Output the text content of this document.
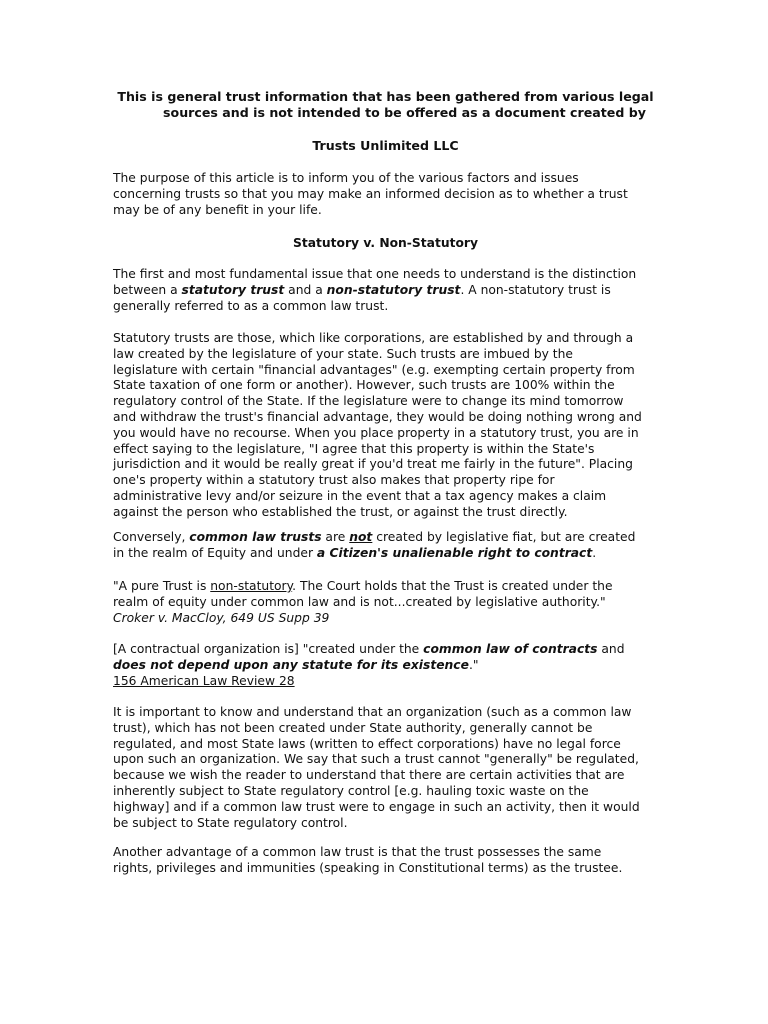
This is general trust information that has been gathered from various legal
sources and is not intended to be offered as a document created by
Trusts Unlimited LLC

The purpose of this article is to inform you of the various factors and issues
concerning trusts so that you may make an informed decision as to whether a trust
may be of any benefit in your life.

Statutory v. Non-Statutory

The first and most fundamental issue that one needs to understand is the distinction
between a statutory trust and a non-statutory trust. A non-statutory trust is
generally referred to as a common law trust.

Statutory trusts are those, which like corporations, are established by and through a
law created by the legislature of your state. Such trusts are imbued by the
legislature with certain "financial advantages" (e.g. exempting certain property from
State taxation of one form or another). However, such trusts are 100% within the
regulatory control of the State. If the legislature were to change its mind tomorrow
and withdraw the trust's financial advantage, they would be doing nothing wrong and
you would have no recourse. When you place property in a statutory trust, you are in
effect saying to the legislature, "I agree that this property is within the State's
jurisdiction and it would be really great if you'd treat me fairly in the future". Placing
one's property within a statutory trust also makes that property ripe for
administrative levy and/or seizure in the event that a tax agency makes a claim
against the person who established the trust, or against the trust directly.

Conversely, common law trusts are not created by legislative fiat, but are created
in the realm of Equity and under a Citizen's unalienable right to contract.

"A pure Trust is non-statutory. The Court holds that the Trust is created under the
realm of equity under common law and is not...created by legislative authority."
Croker v. MacCloy, 649 US Supp 39

[A contractual organization is] "created under the common law of contracts and
does not depend upon any statute for its existence."
156 American Law Review 28

It is important to know and understand that an organization (such as a common law
trust), which has not been created under State authority, generally cannot be
regulated, and most State laws (written to effect corporations) have no legal force
upon such an organization. We say that such a trust cannot "generally" be regulated,
because we wish the reader to understand that there are certain activities that are
inherently subject to State regulatory control [e.g. hauling toxic waste on the
highway] and if a common law trust were to engage in such an activity, then it would
be subject to State regulatory control.

Another advantage of a common law trust is that the trust possesses the same
rights, privileges and immunities (speaking in Constitutional terms) as the trustee.
